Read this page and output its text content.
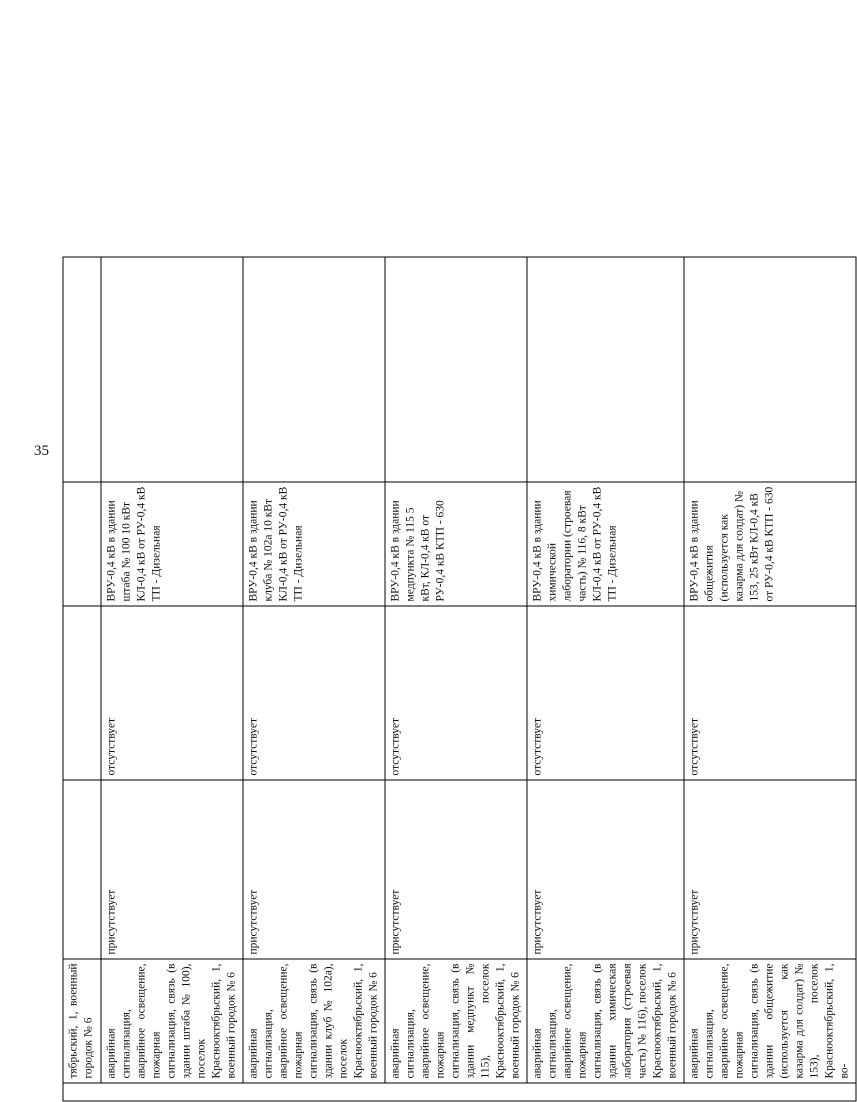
35
	тябрьский, 1, военный городок № 6				
	аварийная сигнализация, аварийное освещение, пожарная сигнализация, связь (в здании штаба № 100), поселок Краснооктябрьский, 1, военный городок № 6	присутствует	отсутствует	ВРУ-0,4 кВ в здании штаба № 100 10 кВт КЛ-0,4 кВ от РУ-0,4 кВ ТП - Дизельная	
	аварийная сигнализация, аварийное освещение, пожарная сигнализация, связь (в здании клуб № 102а), поселок Краснооктябрьский, 1, военный городок № 6	присутствует	отсутствует	ВРУ-0,4 кВ в здании клуба № 102а 10 кВт КЛ-0,4 кВ от РУ-0,4 кВ ТП - Дизельная	
	аварийная сигнализация, аварийное освещение, пожарная сигнализация, связь (в здании медпункт № 115), поселок Краснооктябрьский, 1, военный городок № 6	присутствует	отсутствует	ВРУ-0,4 кВ в здании медпункта № 115 5 кВт, КЛ-0,4 кВ от РУ-0,4 кВ КТП - 630	
	аварийная сигнализация, аварийное освещение, пожарная сигнализация, связь (в здании химическая лаборатория (строевая часть) № 116), поселок Краснооктябрьский, 1, военный городок № 6	присутствует	отсутствует	ВРУ-0,4 кВ в здании химической лаборатории (строевая часть) № 116, 8 кВт КЛ-0,4 кВ от РУ-0,4 кВ ТП - Дизельная	
	аварийная сигнализация, аварийное освещение, пожарная сигнализация, связь (в здании общежитие (используется как казарма для солдат) № 153), поселок Краснооктябрьский, 1, во-	присутствует	отсутствует	ВРУ-0,4 кВ в здании общежития (используется как казарма для солдат) № 153, 25 кВт КЛ-0,4 кВ от РУ-0,4 кВ КТП - 630	
